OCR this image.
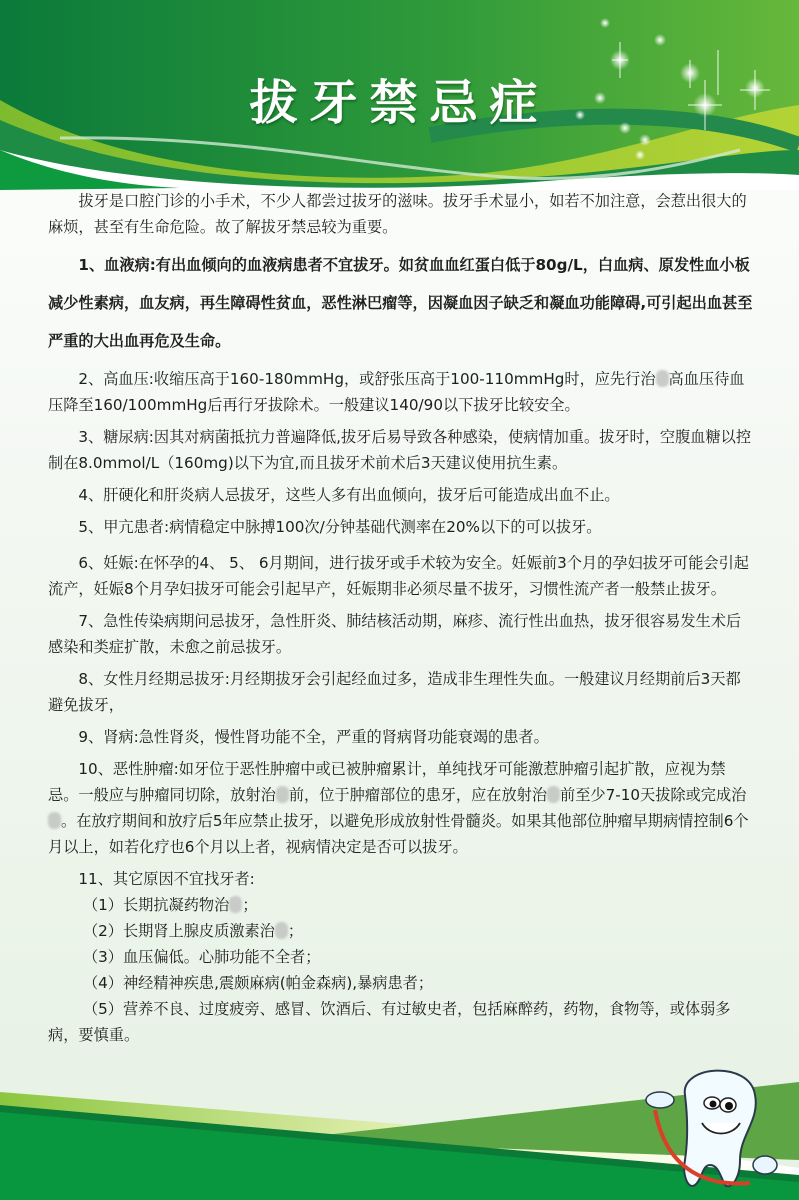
拔牙禁忌症

拔牙是口腔门诊的小手术，不少人都尝过拔牙的滋味。拔牙手术显小，如若不加注意，会惹出很大的麻烦，甚至有生命危险。故了解拔牙禁忌较为重要。

1、血液病:有出血倾向的血液病患者不宜拔牙。如贫血血红蛋白低于80g/L，白血病、原发性血小板减少性素病，血友病，再生障碍性贫血，恶性淋巴瘤等，因凝血因子缺乏和凝血功能障碍,可引起出血甚至严重的大出血再危及生命。

2、高血压:收缩压高于160-180mmHg，或舒张压高于100-110mmHg时，应先行治 高血压待血压降至160/100mmHg后再行牙拔除术。一般建议140/90以下拔牙比较安全。

3、糖尿病:因其对病菌抵抗力普遍降低,拔牙后易导致各种感染，使病情加重。拔牙时，空腹血糖以控制在8.0mmol/L（160mg)以下为宜,而且拔牙术前术后3天建议使用抗生素。

4、肝硬化和肝炎病人忌拔牙，这些人多有出血倾向，拔牙后可能造成出血不止。

5、甲亢患者:病情稳定中脉搏100次/分钟基础代测率在20%以下的可以拔牙。

6、妊娠:在怀孕的4、 5、 6月期间，进行拔牙或手术较为安全。妊娠前3个月的孕妇拔牙可能会引起流产，妊娠8个月孕妇拔牙可能会引起早产，妊娠期非必须尽量不拔牙，习惯性流产者一般禁止拔牙。

7、急性传染病期问忌拔牙，急性肝炎、肺结核活动期，麻疹、流行性出血热，拔牙很容易发生术后感染和类症扩散，未愈之前忌拔牙。

8、女性月经期忌拔牙:月经期拔牙会引起经血过多，造成非生理性失血。一般建议月经期前后3天都避免拔牙，

9、肾病:急性肾炎，慢性肾功能不全，严重的肾病肾功能衰竭的患者。

10、恶性肿瘤:如牙位于恶性肿瘤中或已被肿瘤累计，单纯找牙可能激惹肿瘤引起扩散，应视为禁忌。一般应与肿瘤同切除，放射治 前，位于肿瘤部位的患牙，应在放射治 前至少7-10天拔除或完成治。在放疗期间和放疗后5年应禁止拔牙，以避免形成放射性骨髓炎。如果其他部位肿瘤早期病情控制6个月以上，如若化疗也6个月以上者，视病情决定是否可以拔牙。

11、其它原因不宜找牙者:

（1）长期抗凝药物治 ；

（2）长期肾上腺皮质激素治 ；

（3）血压偏低。心肺功能不全者；

（4）神经精神疾患,震颇麻病(帕金森病),暴病患者；

（5）营养不良、过度疲旁、感冒、饮酒后、有过敏史者，包括麻醉药，药物，食物等，或体弱多病，要慎重。
